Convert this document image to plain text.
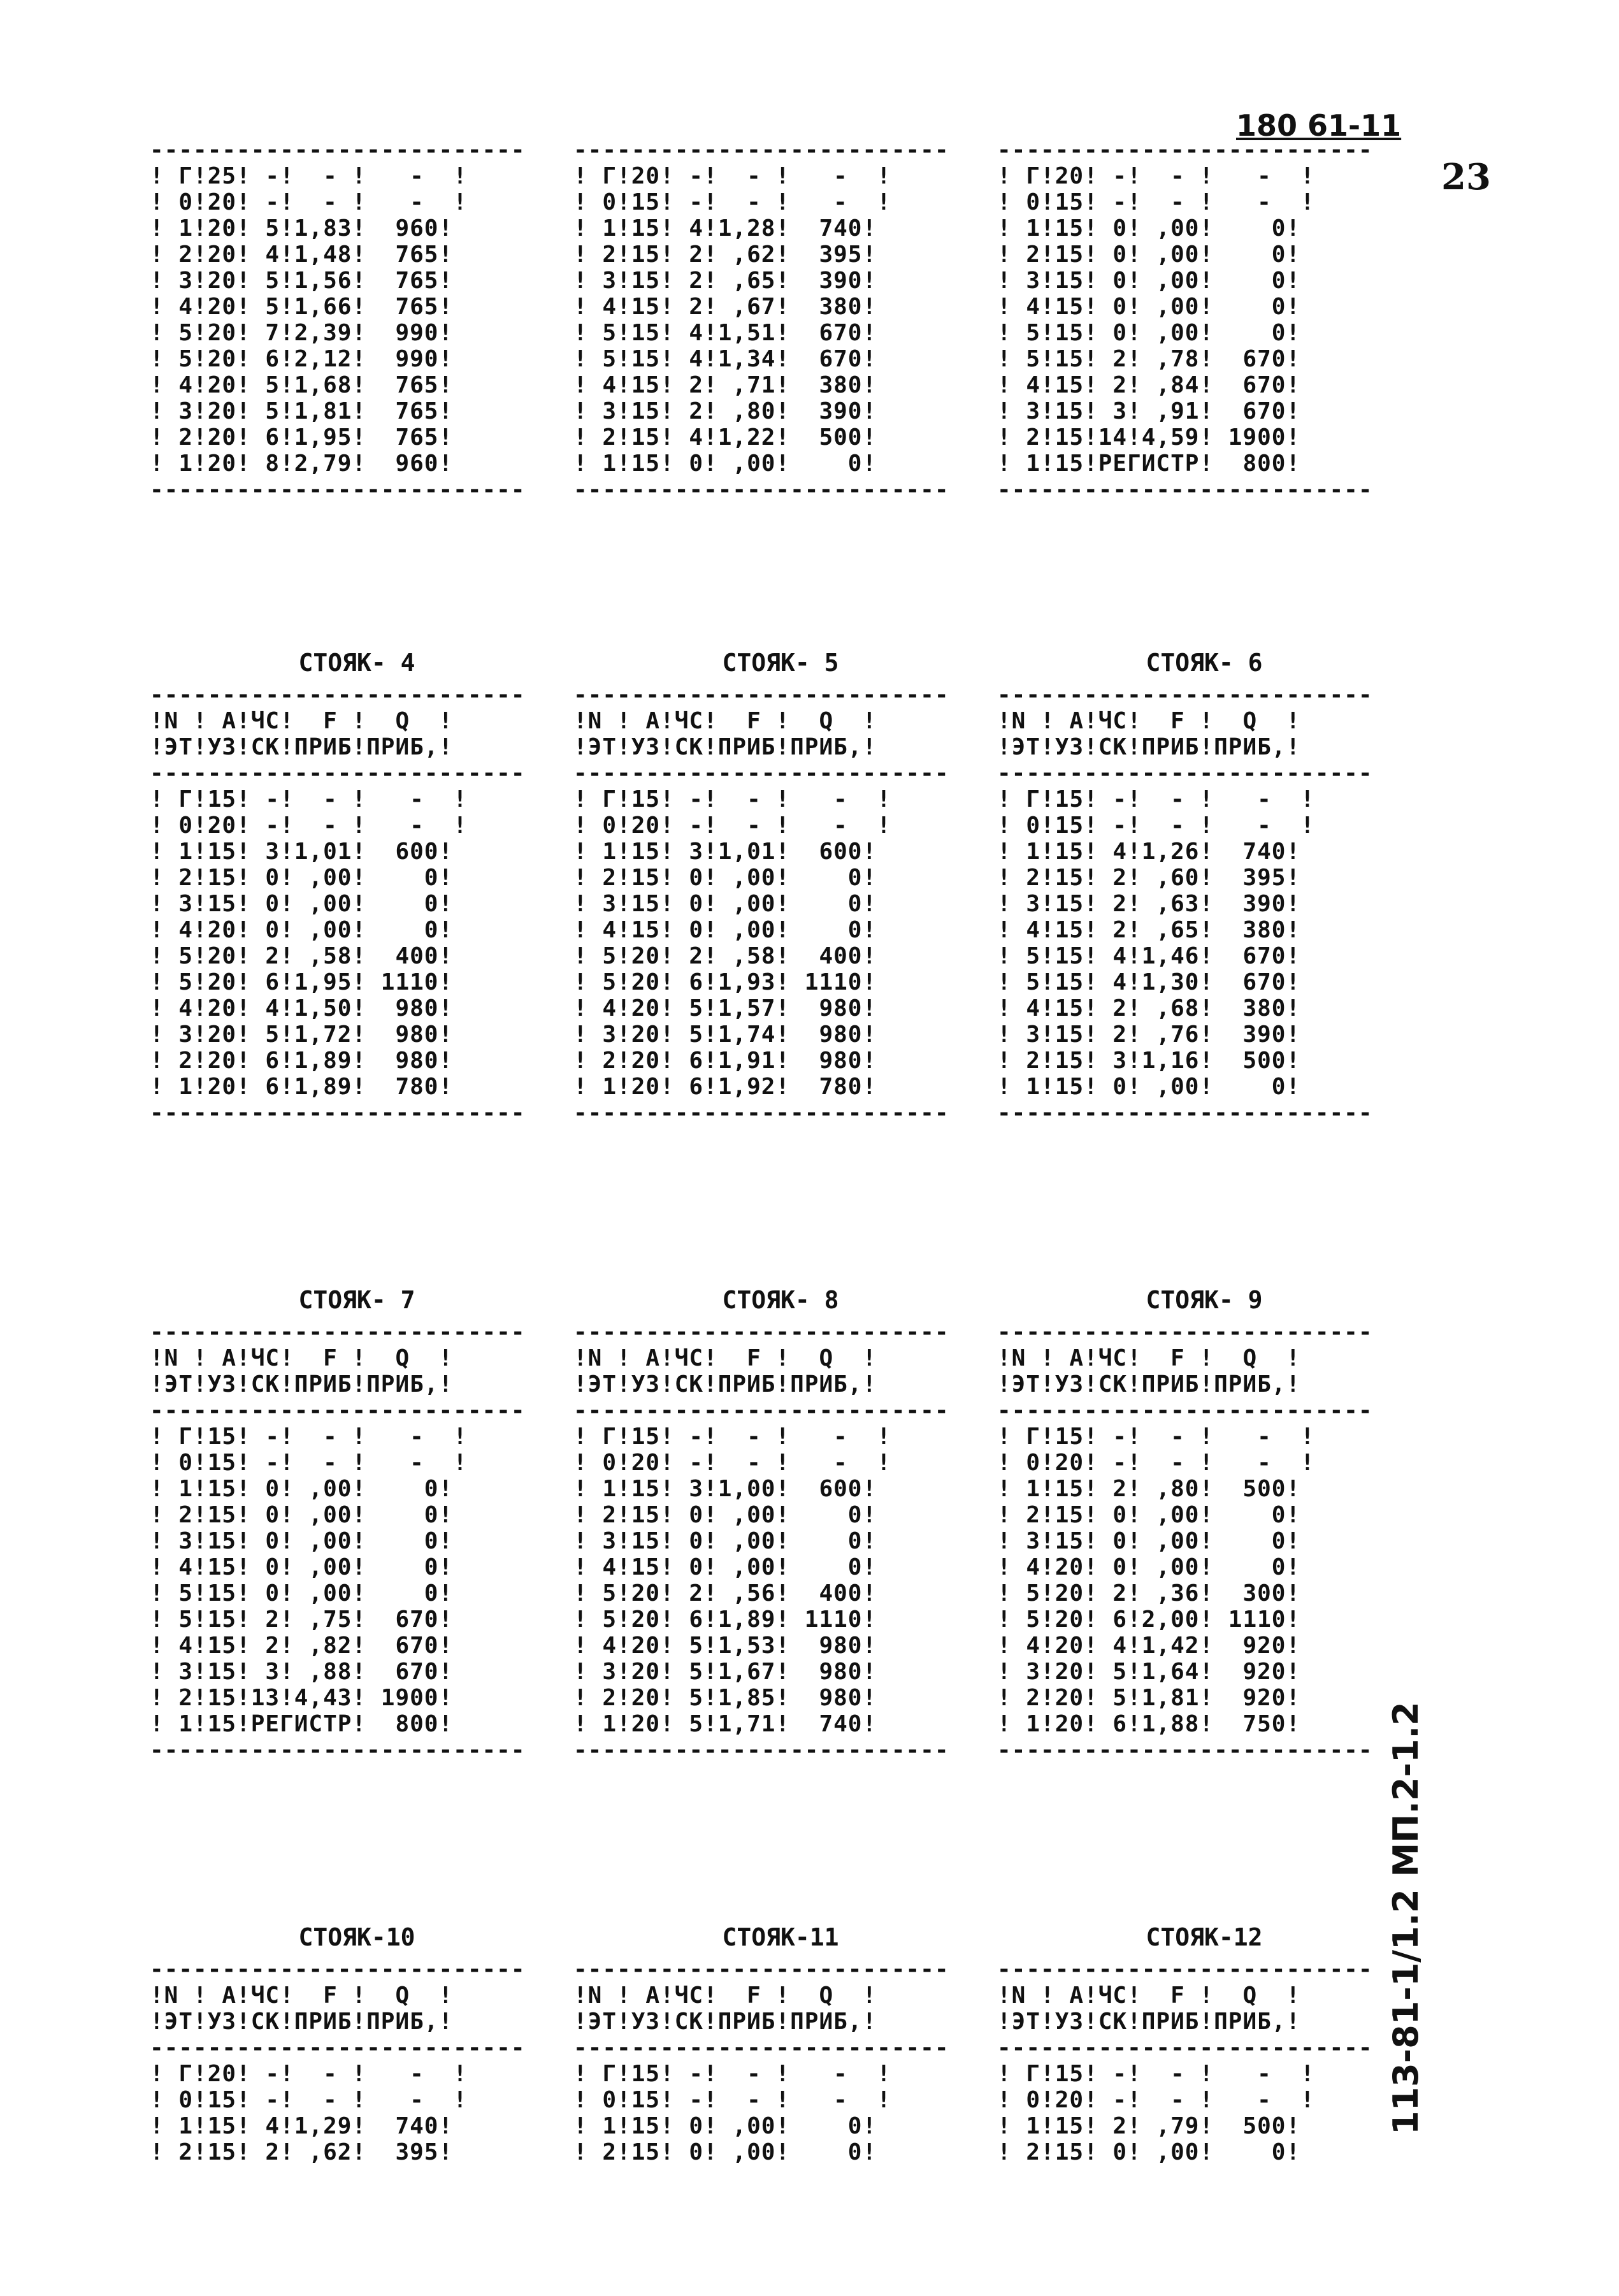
180 61-11
23
113-81-1/1.2 МП.2-1.2
--------------------------
! Г!25! -!  - !   -  !
! 0!20! -!  - !   -  !
! 1!20! 5!1,83!  960!
! 2!20! 4!1,48!  765!
! 3!20! 5!1,56!  765!
! 4!20! 5!1,66!  765!
! 5!20! 7!2,39!  990!
! 5!20! 6!2,12!  990!
! 4!20! 5!1,68!  765!
! 3!20! 5!1,81!  765!
! 2!20! 6!1,95!  765!
! 1!20! 8!2,79!  960!
--------------------------
--------------------------
! Г!20! -!  - !   -  !
! 0!15! -!  - !   -  !
! 1!15! 4!1,28!  740!
! 2!15! 2! ,62!  395!
! 3!15! 2! ,65!  390!
! 4!15! 2! ,67!  380!
! 5!15! 4!1,51!  670!
! 5!15! 4!1,34!  670!
! 4!15! 2! ,71!  380!
! 3!15! 2! ,80!  390!
! 2!15! 4!1,22!  500!
! 1!15! 0! ,00!    0!
--------------------------
--------------------------
! Г!20! -!  - !   -  !
! 0!15! -!  - !   -  !
! 1!15! 0! ,00!    0!
! 2!15! 0! ,00!    0!
! 3!15! 0! ,00!    0!
! 4!15! 0! ,00!    0!
! 5!15! 0! ,00!    0!
! 5!15! 2! ,78!  670!
! 4!15! 2! ,84!  670!
! 3!15! 3! ,91!  670!
! 2!15!14!4,59! 1900!
! 1!15!РЕГИСТР!  800!
--------------------------
СТОЯК- 4
--------------------------
!N ! А!ЧС!  F !  Q  !
!ЭТ!УЗ!СК!ПРИБ!ПРИБ,!
--------------------------
! Г!15! -!  - !   -  !
! 0!20! -!  - !   -  !
! 1!15! 3!1,01!  600!
! 2!15! 0! ,00!    0!
! 3!15! 0! ,00!    0!
! 4!20! 0! ,00!    0!
! 5!20! 2! ,58!  400!
! 5!20! 6!1,95! 1110!
! 4!20! 4!1,50!  980!
! 3!20! 5!1,72!  980!
! 2!20! 6!1,89!  980!
! 1!20! 6!1,89!  780!
--------------------------
СТОЯК- 5
--------------------------
!N ! А!ЧС!  F !  Q  !
!ЭТ!УЗ!СК!ПРИБ!ПРИБ,!
--------------------------
! Г!15! -!  - !   -  !
! 0!20! -!  - !   -  !
! 1!15! 3!1,01!  600!
! 2!15! 0! ,00!    0!
! 3!15! 0! ,00!    0!
! 4!15! 0! ,00!    0!
! 5!20! 2! ,58!  400!
! 5!20! 6!1,93! 1110!
! 4!20! 5!1,57!  980!
! 3!20! 5!1,74!  980!
! 2!20! 6!1,91!  980!
! 1!20! 6!1,92!  780!
--------------------------
СТОЯК- 6
--------------------------
!N ! А!ЧС!  F !  Q  !
!ЭТ!УЗ!СК!ПРИБ!ПРИБ,!
--------------------------
! Г!15! -!  - !   -  !
! 0!15! -!  - !   -  !
! 1!15! 4!1,26!  740!
! 2!15! 2! ,60!  395!
! 3!15! 2! ,63!  390!
! 4!15! 2! ,65!  380!
! 5!15! 4!1,46!  670!
! 5!15! 4!1,30!  670!
! 4!15! 2! ,68!  380!
! 3!15! 2! ,76!  390!
! 2!15! 3!1,16!  500!
! 1!15! 0! ,00!    0!
--------------------------
СТОЯК- 7
--------------------------
!N ! А!ЧС!  F !  Q  !
!ЭТ!УЗ!СК!ПРИБ!ПРИБ,!
--------------------------
! Г!15! -!  - !   -  !
! 0!15! -!  - !   -  !
! 1!15! 0! ,00!    0!
! 2!15! 0! ,00!    0!
! 3!15! 0! ,00!    0!
! 4!15! 0! ,00!    0!
! 5!15! 0! ,00!    0!
! 5!15! 2! ,75!  670!
! 4!15! 2! ,82!  670!
! 3!15! 3! ,88!  670!
! 2!15!13!4,43! 1900!
! 1!15!РЕГИСТР!  800!
--------------------------
СТОЯК- 8
--------------------------
!N ! А!ЧС!  F !  Q  !
!ЭТ!УЗ!СК!ПРИБ!ПРИБ,!
--------------------------
! Г!15! -!  - !   -  !
! 0!20! -!  - !   -  !
! 1!15! 3!1,00!  600!
! 2!15! 0! ,00!    0!
! 3!15! 0! ,00!    0!
! 4!15! 0! ,00!    0!
! 5!20! 2! ,56!  400!
! 5!20! 6!1,89! 1110!
! 4!20! 5!1,53!  980!
! 3!20! 5!1,67!  980!
! 2!20! 5!1,85!  980!
! 1!20! 5!1,71!  740!
--------------------------
СТОЯК- 9
--------------------------
!N ! А!ЧС!  F !  Q  !
!ЭТ!УЗ!СК!ПРИБ!ПРИБ,!
--------------------------
! Г!15! -!  - !   -  !
! 0!20! -!  - !   -  !
! 1!15! 2! ,80!  500!
! 2!15! 0! ,00!    0!
! 3!15! 0! ,00!    0!
! 4!20! 0! ,00!    0!
! 5!20! 2! ,36!  300!
! 5!20! 6!2,00! 1110!
! 4!20! 4!1,42!  920!
! 3!20! 5!1,64!  920!
! 2!20! 5!1,81!  920!
! 1!20! 6!1,88!  750!
--------------------------
СТОЯК-10
--------------------------
!N ! А!ЧС!  F !  Q  !
!ЭТ!УЗ!СК!ПРИБ!ПРИБ,!
--------------------------
! Г!20! -!  - !   -  !
! 0!15! -!  - !   -  !
! 1!15! 4!1,29!  740!
! 2!15! 2! ,62!  395!
СТОЯК-11
--------------------------
!N ! А!ЧС!  F !  Q  !
!ЭТ!УЗ!СК!ПРИБ!ПРИБ,!
--------------------------
! Г!15! -!  - !   -  !
! 0!15! -!  - !   -  !
! 1!15! 0! ,00!    0!
! 2!15! 0! ,00!    0!
СТОЯК-12
--------------------------
!N ! А!ЧС!  F !  Q  !
!ЭТ!УЗ!СК!ПРИБ!ПРИБ,!
--------------------------
! Г!15! -!  - !   -  !
! 0!20! -!  - !   -  !
! 1!15! 2! ,79!  500!
! 2!15! 0! ,00!    0!
